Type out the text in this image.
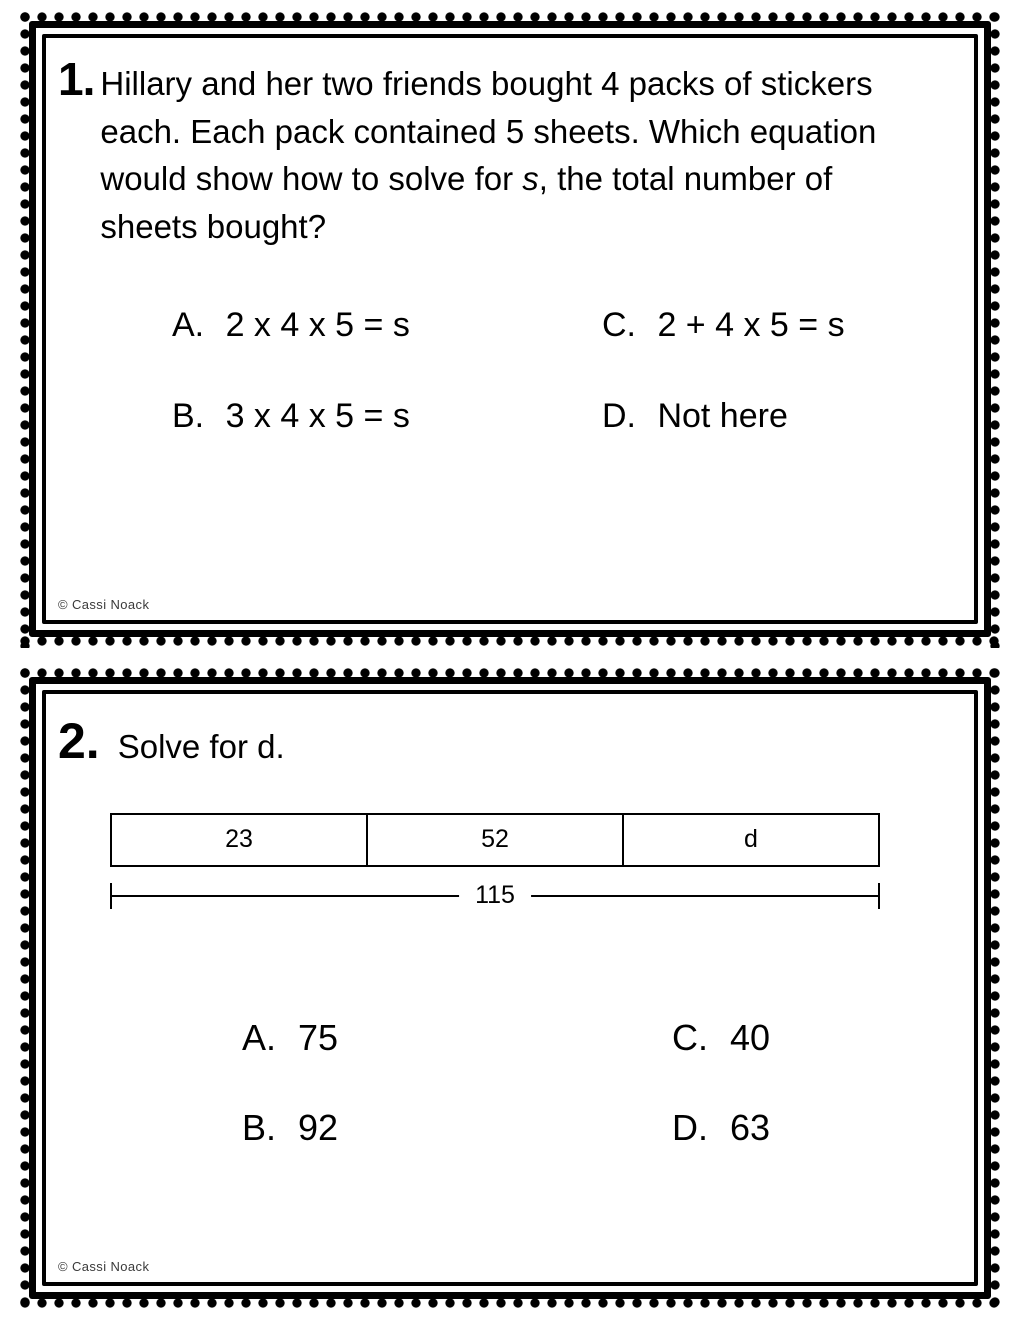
1. Hillary and her two friends bought 4 packs of stickers each. Each pack contained 5 sheets. Which equation would show how to solve for s, the total number of sheets bought?
A. 2 x 4 x 5 = s	C. 2 + 4 x 5 = s
B. 3 x 4 x 5 = s	D. Not here
© Cassi Noack
2. Solve for d.
23	52	d
115
A. 75	C. 40
B. 92	D. 63
© Cassi Noack
